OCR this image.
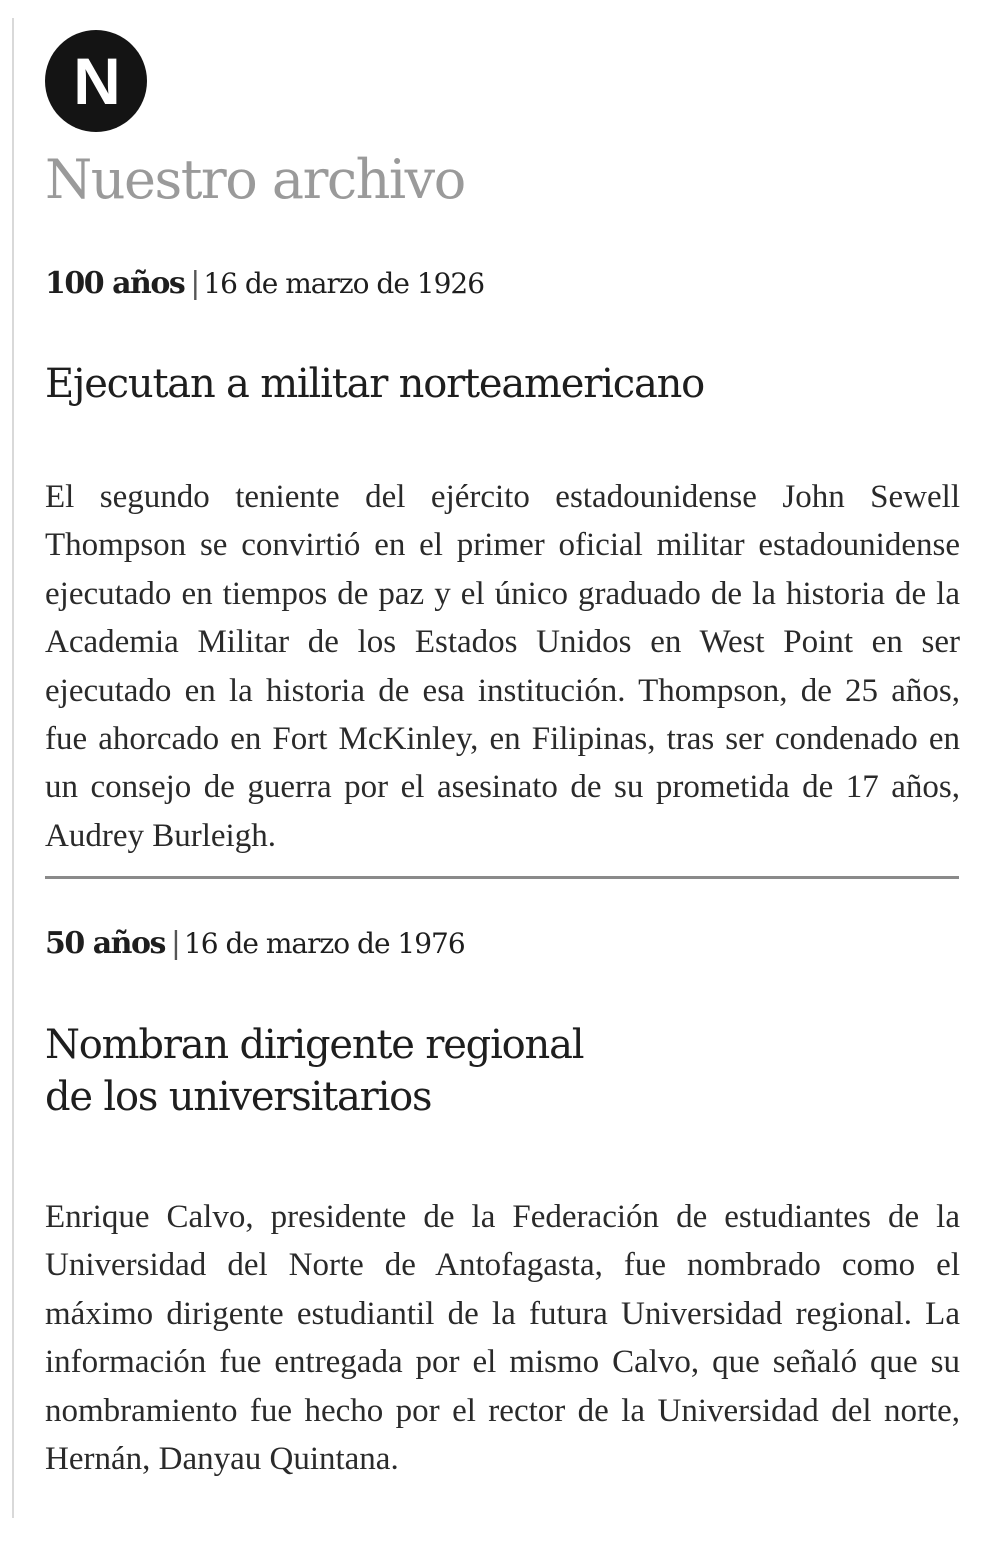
N
Nuestro archivo

100 años | 16 de marzo de 1926

Ejecutan a militar norteamericano

El segundo teniente del ejército estadounidense John Sewell Thompson se convirtió en el primer oficial militar estadounidense ejecutado en tiempos de paz y el único graduado de la historia de la Academia Militar de los Estados Unidos en West Point en ser ejecutado en la historia de esa institución. Thompson, de 25 años, fue ahorcado en Fort McKinley, en Filipinas, tras ser condenado en un consejo de guerra por el asesinato de su prometida de 17 años, Audrey Burleigh.

50 años | 16 de marzo de 1976

Nombran dirigente regional
de los universitarios

Enrique Calvo, presidente de la Federación de estudiantes de la Universidad del Norte de Antofagasta, fue nombrado como el máximo dirigente estudiantil de la futura Universidad regional. La información fue entregada por el mismo Calvo, que señaló que su nombramiento fue hecho por el rector de la Universidad del norte, Hernán, Danyau Quintana.
